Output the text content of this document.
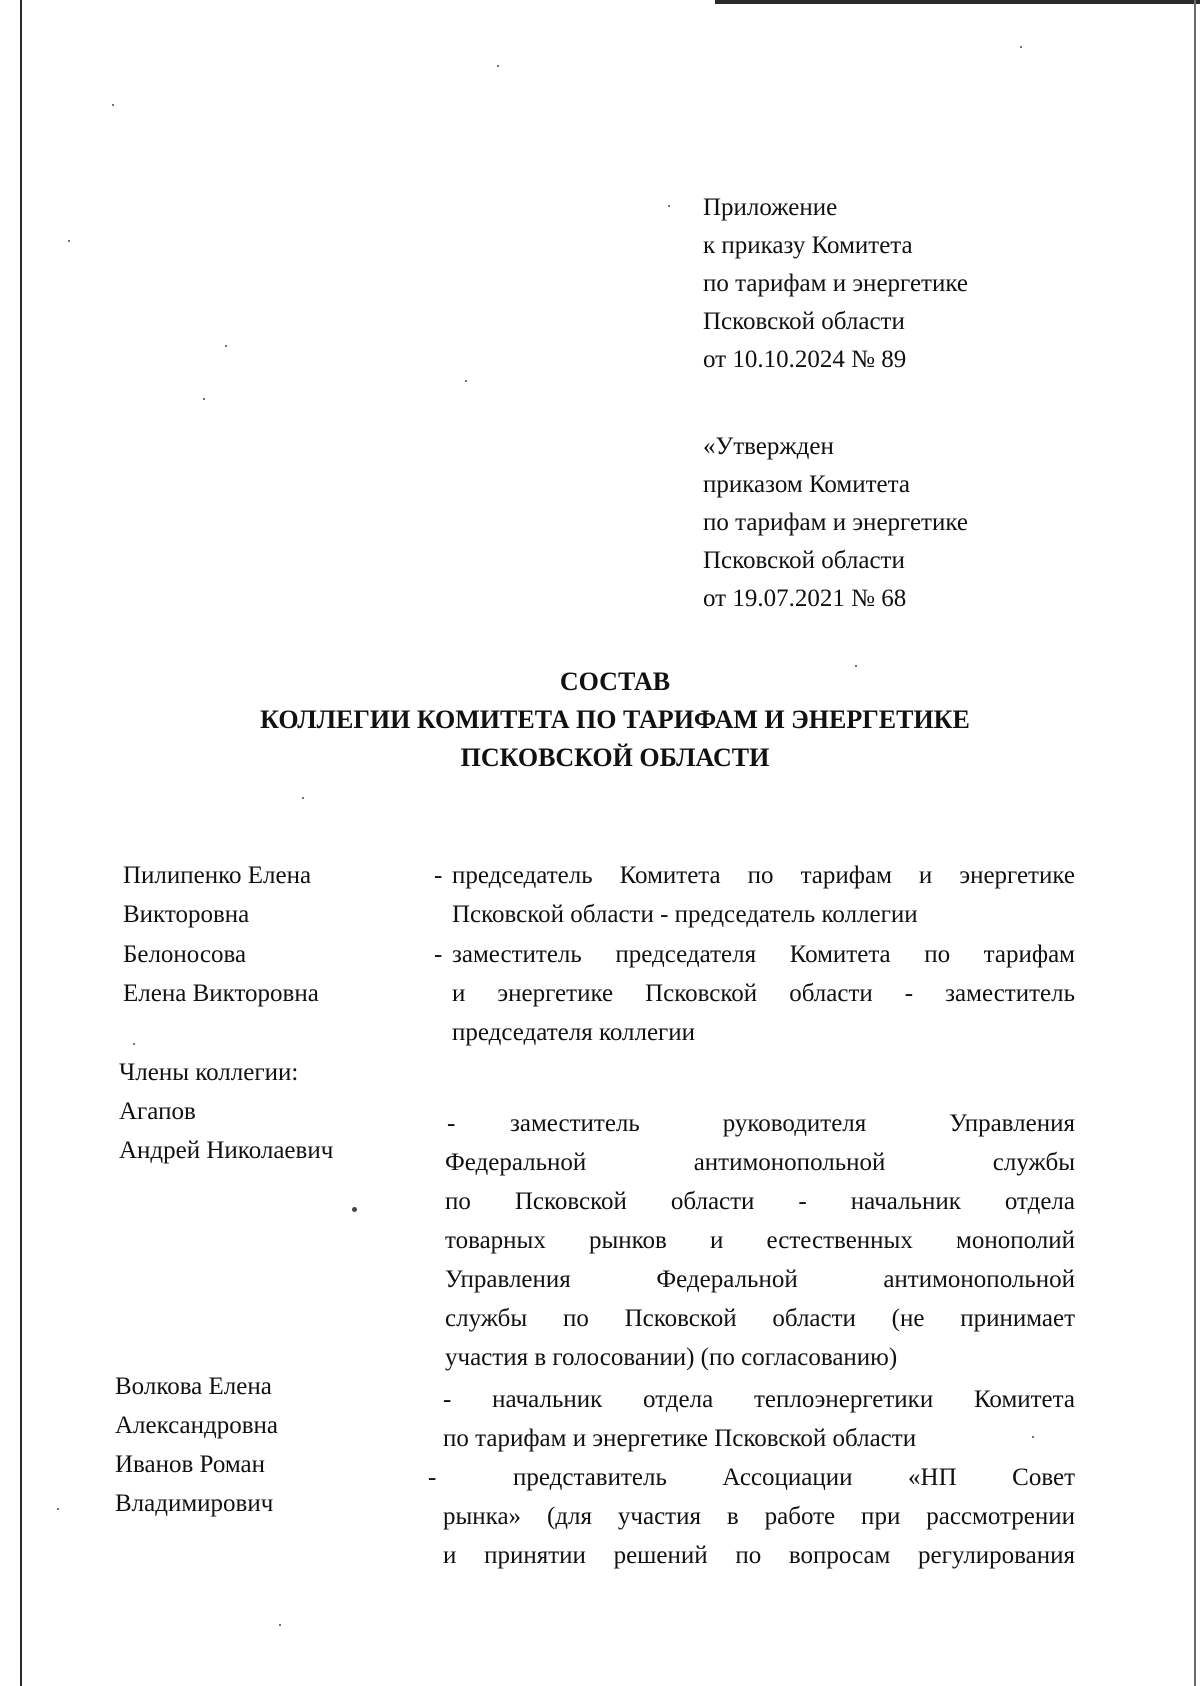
Приложение
к приказу Комитета
по тарифам и энергетике
Псковской области
от 10.10.2024 № 89
«Утвержден
приказом Комитета
по тарифам и энергетике
Псковской области
от 19.07.2021 № 68
СОСТАВ
КОЛЛЕГИИ КОМИТЕТА ПО ТАРИФАМ И ЭНЕРГЕТИКЕ
ПСКОВСКОЙ ОБЛАСТИ
Пилипенко Елена
Викторовна
- председатель Комитета по тарифам и энергетике
Псковской области - председатель коллегии
Белоносова
Елена Викторовна
- заместитель председателя Комитета по тарифам
и энергетике Псковской области - заместитель
председателя коллегии
Члены коллегии:
Агапов
Андрей Николаевич
-	заместитель руководителя Управления
Федеральной антимонопольной службы
по Псковской области - начальник отдела
товарных рынков и естественных монополий
Управления Федеральной антимонопольной
службы по Псковской области (не принимает
участия в голосовании) (по согласованию)
Волкова Елена
Александровна
- начальник отдела теплоэнергетики Комитета
по тарифам и энергетике Псковской области
Иванов Роман
Владимирович
-	представитель Ассоциации «НП Совет
рынка» (для участия в работе при рассмотрении
и принятии решений по вопросам регулирования
